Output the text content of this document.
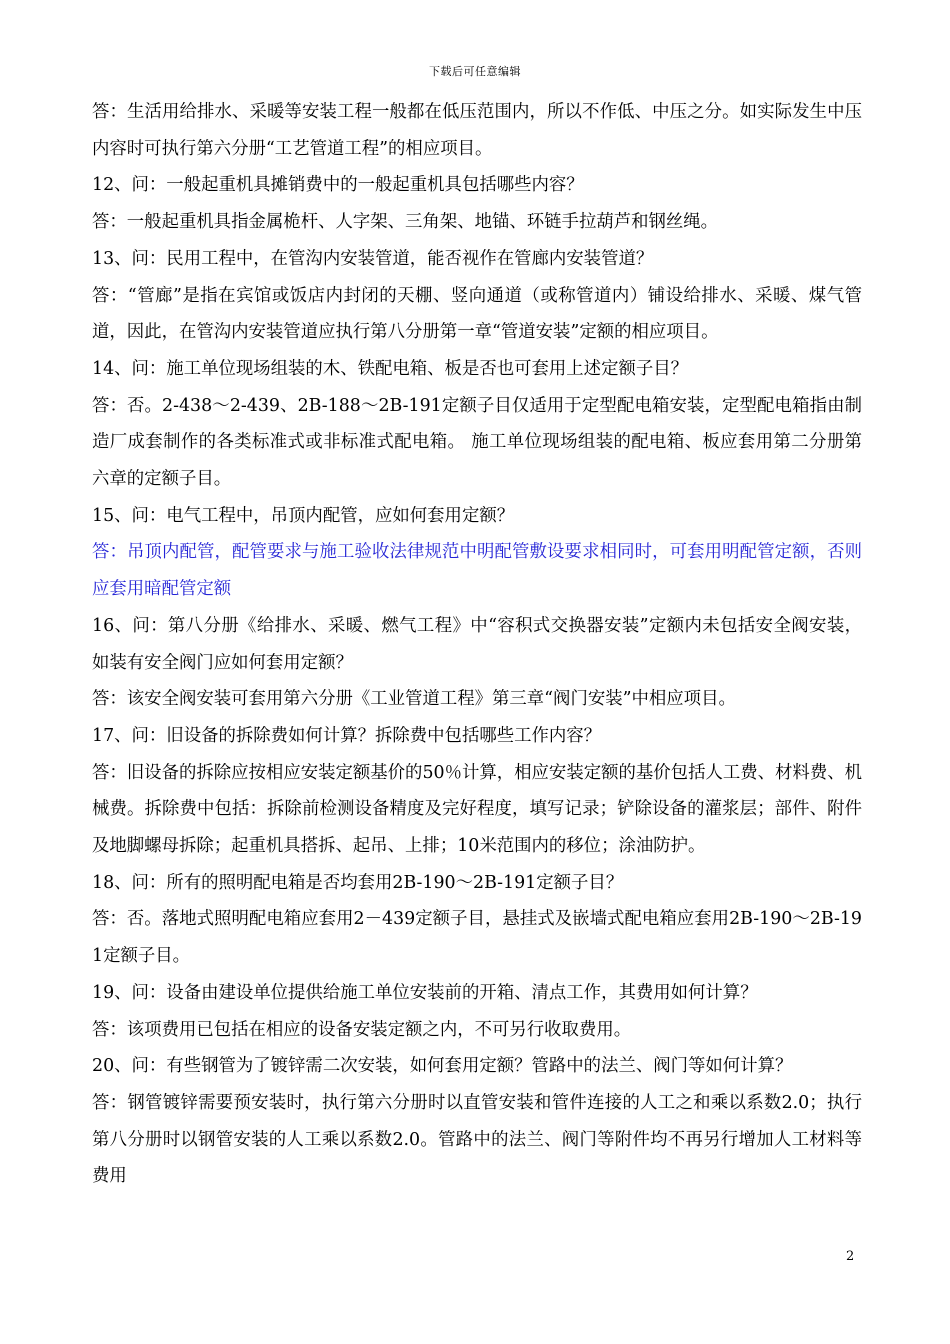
下载后可任意编辑

答：生活用给排水、采暖等安装工程一般都在低压范围内，所以不作低、中压之分。如实际发生中压内容时可执行第六分册“工艺管道工程”的相应项目。

12、问：一般起重机具摊销费中的一般起重机具包括哪些内容？

答：一般起重机具指金属桅杆、人字架、三角架、地锚、环链手拉葫芦和钢丝绳。

13、问：民用工程中，在管沟内安装管道，能否视作在管廊内安装管道？

答：“管廊”是指在宾馆或饭店内封闭的天棚、竖向通道（或称管道内）铺设给排水、采暖、煤气管道，因此，在管沟内安装管道应执行第八分册第一章“管道安装”定额的相应项目。

14、问：施工单位现场组装的木、铁配电箱、板是否也可套用上述定额子目？

答：否。2-438～2-439、2B-188～2B-191定额子目仅适用于定型配电箱安装，定型配电箱指由制造厂成套制作的各类标准式或非标准式配电箱。 施工单位现场组装的配电箱、板应套用第二分册第六章的定额子目。

15、问：电气工程中，吊顶内配管，应如何套用定额？

答：吊顶内配管，配管要求与施工验收法律规范中明配管敷设要求相同时，可套用明配管定额，否则应套用暗配管定额

16、问：第八分册《给排水、采暖、燃气工程》中“容积式交换器安装”定额内未包括安全阀安装，如装有安全阀门应如何套用定额？

答：该安全阀安装可套用第六分册《工业管道工程》第三章“阀门安装”中相应项目。

17、问：旧设备的拆除费如何计算？拆除费中包括哪些工作内容？

答：旧设备的拆除应按相应安装定额基价的50％计算，相应安装定额的基价包括人工费、材料费、机械费。拆除费中包括：拆除前检测设备精度及完好程度，填写记录；铲除设备的灌浆层；部件、附件及地脚螺母拆除；起重机具搭拆、起吊、上排；10米范围内的移位；涂油防护。

18、问：所有的照明配电箱是否均套用2B-190～2B-191定额子目？

答：否。落地式照明配电箱应套用2－439定额子目，悬挂式及嵌墙式配电箱应套用2B-190～2B-191定额子目。

19、问：设备由建设单位提供给施工单位安装前的开箱、清点工作，其费用如何计算？

答：该项费用已包括在相应的设备安装定额之内，不可另行收取费用。

20、问：有些钢管为了镀锌需二次安装，如何套用定额？管路中的法兰、阀门等如何计算？

答：钢管镀锌需要预安装时，执行第六分册时以直管安装和管件连接的人工之和乘以系数2.0；执行第八分册时以钢管安装的人工乘以系数2.0。管路中的法兰、阀门等附件均不再另行增加人工材料等费用

2
